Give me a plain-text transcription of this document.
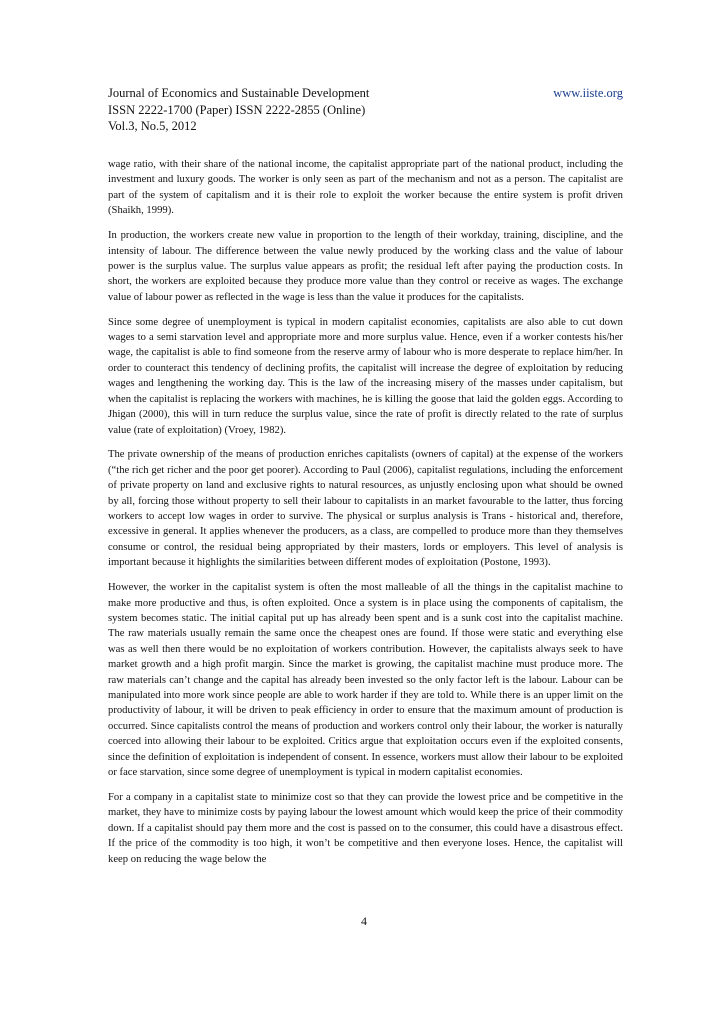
Journal of Economics and Sustainable Development	www.iiste.org
ISSN 2222-1700 (Paper) ISSN 2222-2855 (Online)
Vol.3, No.5, 2012

wage ratio, with their share of the national income, the capitalist appropriate part of the national product, including the investment and luxury goods. The worker is only seen as part of the mechanism and not as a person. The capitalist are part of the system of capitalism and it is their role to exploit the worker because the entire system is profit driven (Shaikh, 1999).

In production, the workers create new value in proportion to the length of their workday, training, discipline, and the intensity of labour. The difference between the value newly produced by the working class and the value of labour power is the surplus value. The surplus value appears as profit; the residual left after paying the production costs. In short, the workers are exploited because they produce more value than they control or receive as wages. The exchange value of labour power as reflected in the wage is less than the value it produces for the capitalists.

Since some degree of unemployment is typical in modern capitalist economies, capitalists are also able to cut down wages to a semi starvation level and appropriate more and more surplus value. Hence, even if a worker contests his/her wage, the capitalist is able to find someone from the reserve army of labour who is more desperate to replace him/her. In order to counteract this tendency of declining profits, the capitalist will increase the degree of exploitation by reducing wages and lengthening the working day. This is the law of the increasing misery of the masses under capitalism, but when the capitalist is replacing the workers with machines, he is killing the goose that laid the golden eggs. According to Jhigan (2000), this will in turn reduce the surplus value, since the rate of profit is directly related to the rate of surplus value (rate of exploitation) (Vroey, 1982).

The private ownership of the means of production enriches capitalists (owners of capital) at the expense of the workers (“the rich get richer and the poor get poorer). According to Paul (2006), capitalist regulations, including the enforcement of private property on land and exclusive rights to natural resources, as unjustly enclosing upon what should be owned by all, forcing those without property to sell their labour to capitalists in an market favourable to the latter, thus forcing workers to accept low wages in order to survive. The physical or surplus analysis is Trans - historical and, therefore, excessive in general. It applies whenever the producers, as a class, are compelled to produce more than they themselves consume or control, the residual being appropriated by their masters, lords or employers. This level of analysis is important because it highlights the similarities between different modes of exploitation (Postone, 1993).

However, the worker in the capitalist system is often the most malleable of all the things in the capitalist machine to make more productive and thus, is often exploited. Once a system is in place using the components of capitalism, the system becomes static. The initial capital put up has already been spent and is a sunk cost into the capitalist machine. The raw materials usually remain the same once the cheapest ones are found. If those were static and everything else was as well then there would be no exploitation of workers contribution. However, the capitalists always seek to have market growth and a high profit margin. Since the market is growing, the capitalist machine must produce more. The raw materials can’t change and the capital has already been invested so the only factor left is the labour. Labour can be manipulated into more work since people are able to work harder if they are told to. While there is an upper limit on the productivity of labour, it will be driven to peak efficiency in order to ensure that the maximum amount of production is occurred. Since capitalists control the means of production and workers control only their labour, the worker is naturally coerced into allowing their labour to be exploited. Critics argue that exploitation occurs even if the exploited consents, since the definition of exploitation is independent of consent. In essence, workers must allow their labour to be exploited or face starvation, since some degree of unemployment is typical in modern capitalist economies.

For a company in a capitalist state to minimize cost so that they can provide the lowest price and be competitive in the market, they have to minimize costs by paying labour the lowest amount which would keep the price of their commodity down. If a capitalist should pay them more and the cost is passed on to the consumer, this could have a disastrous effect. If the price of the commodity is too high, it won’t be competitive and then everyone loses. Hence, the capitalist will keep on reducing the wage below the

4
